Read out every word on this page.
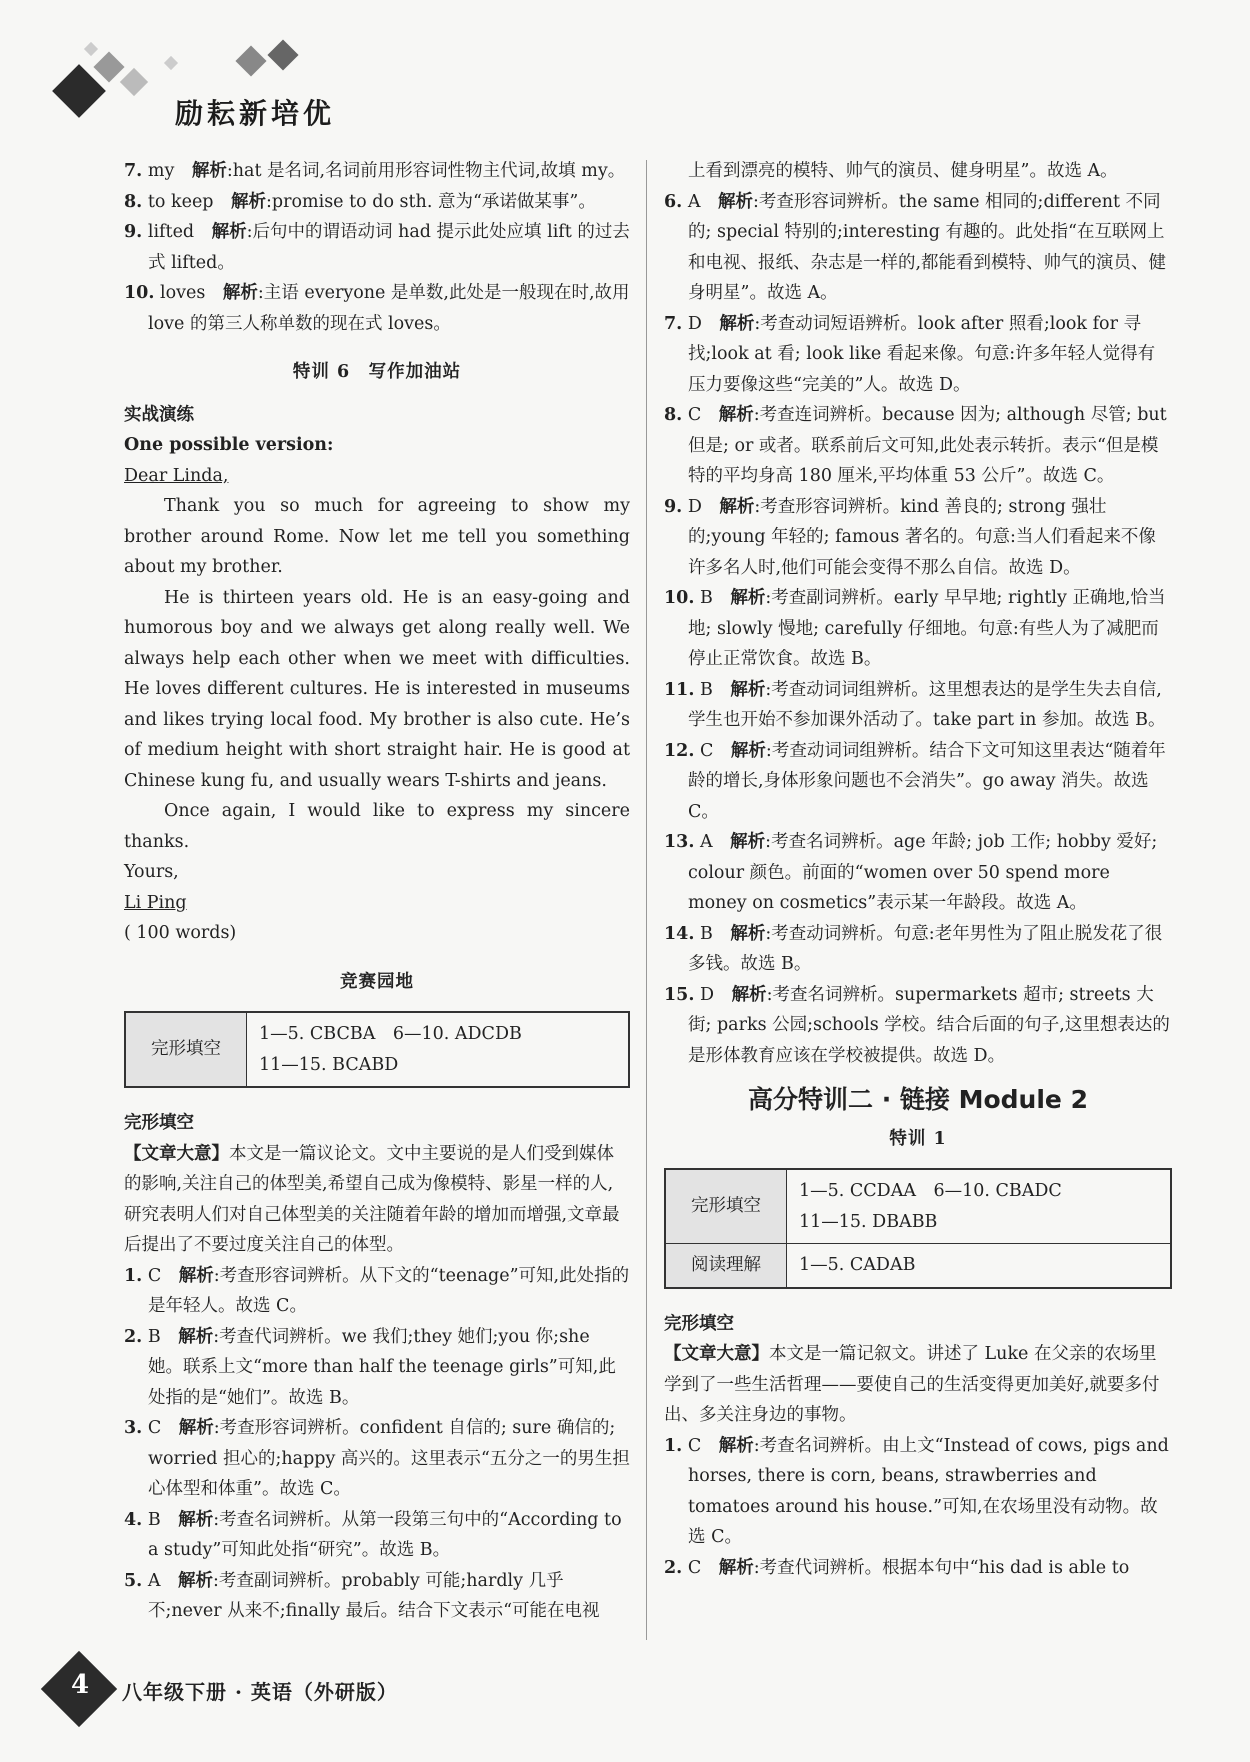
励耘新培优

7. my　 解析:hat 是名词,名词前用形容词性物主代词,故填 my。

8. to keep　 解析:promise to do sth. 意为“承诺做某事”。

9. lifted　 解析:后句中的谓语动词 had 提示此处应填 lift 的过去式 lifted。

10. loves　 解析:主语 everyone 是单数,此处是一般现在时,故用 love 的第三人称单数的现在式 loves。

特训 6　写作加油站

实战演练

One possible version:

Dear Linda,

Thank you so much for agreeing to show my brother around Rome. Now let me tell you something about my brother.

He is thirteen years old. He is an easy-going and humorous boy and we always get along really well. We always help each other when we meet with difficulties. He loves different cultures. He is interested in museums and likes trying local food. My brother is also cute. He’s of medium height with short straight hair. He is good at Chinese kung fu, and usually wears T-shirts and jeans.

Once again, I would like to express my sincere thanks.

Yours,

Li Ping

( 100 words)

竞赛园地

完形填空	
1—5. CBCBA　6—10. ADCDB
11—15. BCABD

完形填空

【文章大意】本文是一篇议论文。文中主要说的是人们受到媒体的影响,关注自己的体型美,希望自己成为像模特、影星一样的人,研究表明人们对自己体型美的关注随着年龄的增加而增强,文章最后提出了不要过度关注自己的体型。

1. C　 解析:考查形容词辨析。从下文的“teenage”可知,此处指的是年轻人。故选 C。

2. B　 解析:考查代词辨析。we 我们;they 她们;you 你;she 她。联系上文“more than half the teenage girls”可知,此处指的是“她们”。故选 B。

3. C　 解析:考查形容词辨析。confident 自信的; sure 确信的; worried 担心的;happy 高兴的。这里表示“五分之一的男生担心体型和体重”。故选 C。

4. B　 解析:考查名词辨析。从第一段第三句中的“According to a study”可知此处指“研究”。故选 B。

5. A　 解析:考查副词辨析。probably 可能;hardly 几乎不;never 从来不;finally 最后。结合下文表示“可能在电视

上看到漂亮的模特、帅气的演员、健身明星”。故选 A。

6. A　 解析:考查形容词辨析。the same 相同的;different 不同的; special 特别的;interesting 有趣的。此处指“在互联网上和电视、报纸、杂志是一样的,都能看到模特、帅气的演员、健身明星”。故选 A。

7. D　 解析:考查动词短语辨析。look after 照看;look for 寻找;look at 看; look like 看起来像。句意:许多年轻人觉得有压力要像这些“完美的”人。故选 D。

8. C　 解析:考查连词辨析。because 因为; although 尽管; but 但是; or 或者。联系前后文可知,此处表示转折。表示“但是模特的平均身高 180 厘米,平均体重 53 公斤”。故选 C。

9. D　 解析:考查形容词辨析。kind 善良的; strong 强壮的;young 年轻的; famous 著名的。句意:当人们看起来不像许多名人时,他们可能会变得不那么自信。故选 D。

10. B　 解析:考查副词辨析。early 早早地; rightly 正确地,恰当地; slowly 慢地; carefully 仔细地。句意:有些人为了减肥而停止正常饮食。故选 B。

11. B　 解析:考查动词词组辨析。这里想表达的是学生失去自信,学生也开始不参加课外活动了。take part in 参加。故选 B。

12. C　 解析:考查动词词组辨析。结合下文可知这里表达“随着年龄的增长,身体形象问题也不会消失”。go away 消失。故选 C。

13. A　 解析:考查名词辨析。age 年龄; job 工作; hobby 爱好; colour 颜色。前面的“women over 50 spend more money on cosmetics”表示某一年龄段。故选 A。

14. B　 解析:考查动词辨析。句意:老年男性为了阻止脱发花了很多钱。故选 B。

15. D　 解析:考查名词辨析。supermarkets 超市; streets 大街; parks 公园;schools 学校。结合后面的句子,这里想表达的是形体教育应该在学校被提供。故选 D。

高分特训二 · 链接 Module 2

特训 1

完形填空	1—5. CCDAA　6—10. CBADC
11—15. DBABB

阅读理解	1—5. CADAB

完形填空

【文章大意】本文是一篇记叙文。讲述了 Luke 在父亲的农场里学到了一些生活哲理——要使自己的生活变得更加美好,就要多付出、多关注身边的事物。

1. C　 解析:考查名词辨析。由上文“Instead of cows, pigs and horses, there is corn, beans, strawberries and tomatoes around his house.”可知,在农场里没有动物。故选 C。

2. C　 解析:考查代词辨析。根据本句中“his dad is able to

4 八年级下册 · 英语（外研版）
